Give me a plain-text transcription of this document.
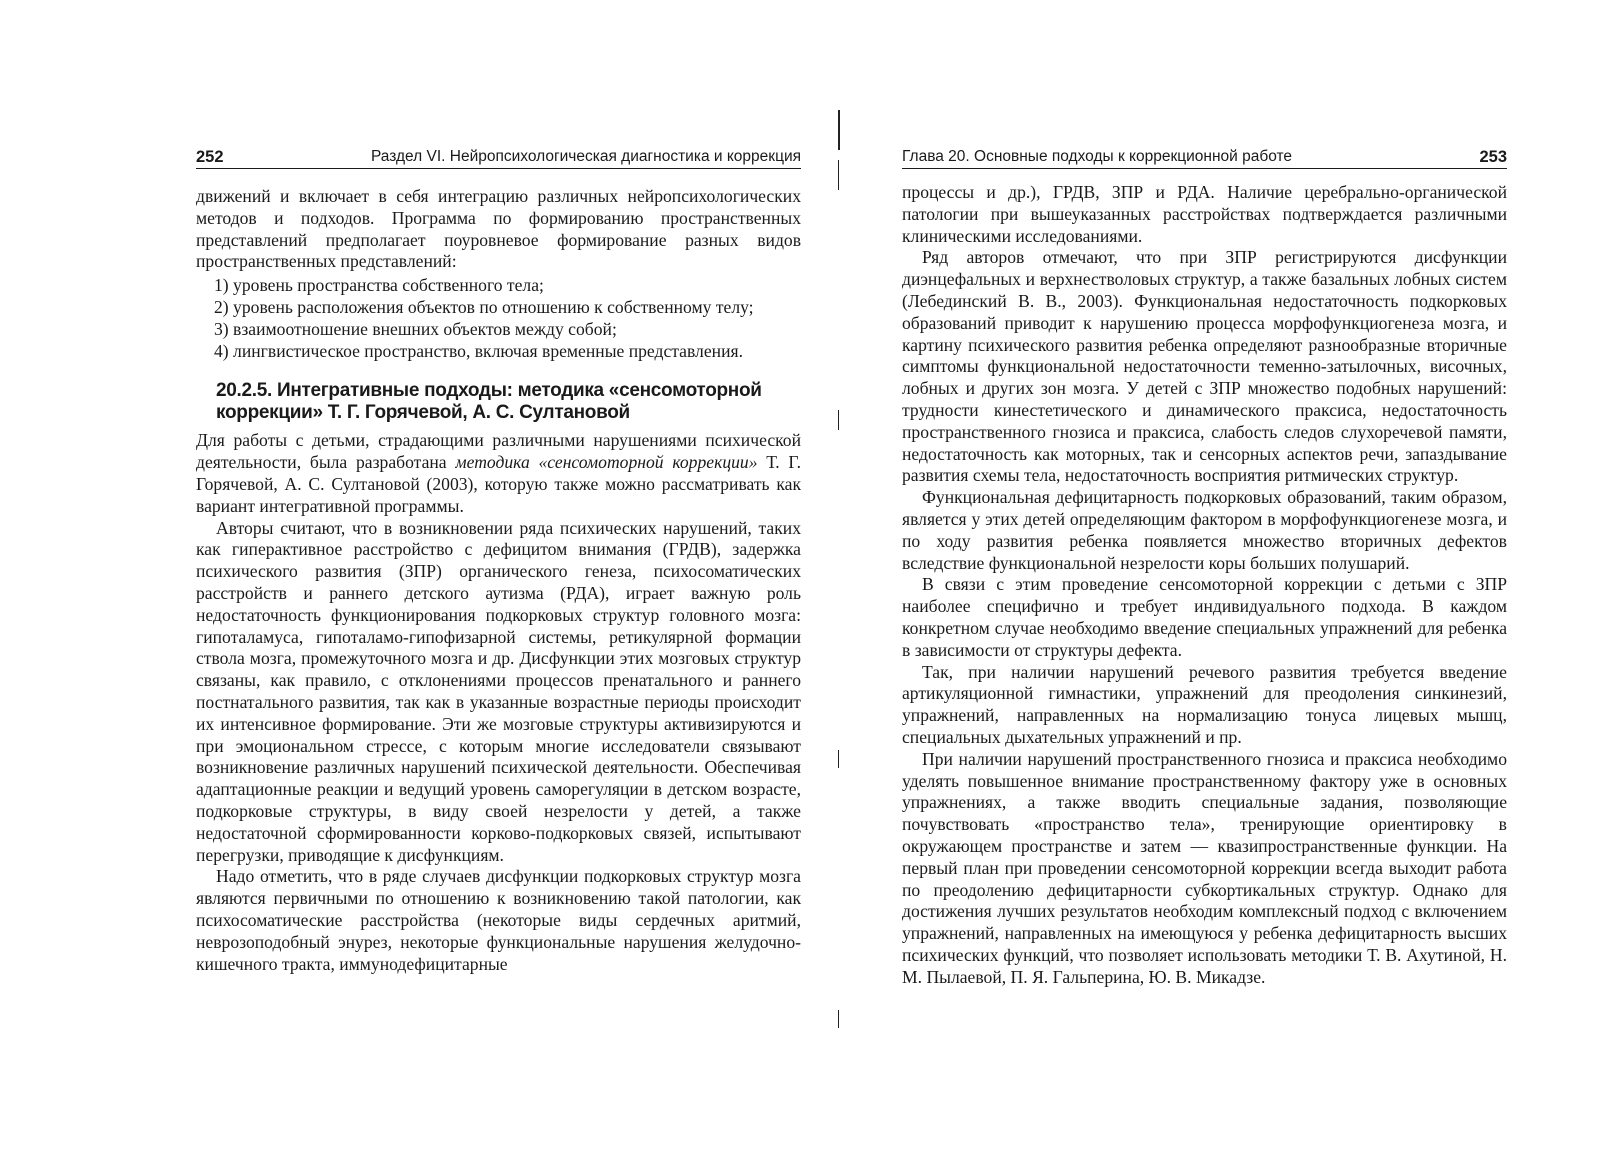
252	Раздел VI. Нейропсихологическая диагностика и коррекция

движений и включает в себя интеграцию различных нейропсихологических методов и подходов. Программа по формированию пространственных представлений предполагает поуровневое формирование разных видов пространственных представлений:

1) уровень пространства собственного тела;
2) уровень расположения объектов по отношению к собственному телу;
3) взаимоотношение внешних объектов между собой;
4) лингвистическое пространство, включая временные представления.
20.2.5. Интегративные подходы: методика «сенсомоторной коррекции» Т. Г. Горячевой, А. С. Султановой

Для работы с детьми, страдающими различными нарушениями психической деятельности, была разработана методика «сенсомоторной коррекции» Т. Г. Горячевой, А. С. Султановой (2003), которую также можно рассматривать как вариант интегративной программы.

Авторы считают, что в возникновении ряда психических нарушений, таких как гиперактивное расстройство с дефицитом внимания (ГРДВ), задержка психического развития (ЗПР) органического генеза, психосоматических расстройств и раннего детского аутизма (РДА), играет важную роль недостаточность функционирования подкорковых структур головного мозга: гипоталамуса, гипоталамо-гипофизарной системы, ретикулярной формации ствола мозга, промежуточного мозга и др. Дисфункции этих мозговых структур связаны, как правило, с отклонениями процессов пренатального и раннего постнатального развития, так как в указанные возрастные периоды происходит их интенсивное формирование. Эти же мозговые структуры активизируются и при эмоциональном стрессе, с которым многие исследователи связывают возникновение различных нарушений психической деятельности. Обеспечивая адаптационные реакции и ведущий уровень саморегуляции в детском возрасте, подкорковые структуры, в виду своей незрелости у детей, а также недостаточной сформированности корково-подкорковых связей, испытывают перегрузки, приводящие к дисфункциям.

Надо отметить, что в ряде случаев дисфункции подкорковых структур мозга являются первичными по отношению к возникновению такой патологии, как психосоматические расстройства (некоторые виды сердечных аритмий, неврозоподобный энурез, некоторые функциональные нарушения желудочно-кишечного тракта, иммунодефицитарные

Глава 20. Основные подходы к коррекционной работе	253

процессы и др.), ГРДВ, ЗПР и РДА. Наличие церебрально-органической патологии при вышеуказанных расстройствах подтверждается различными клиническими исследованиями.

Ряд авторов отмечают, что при ЗПР регистрируются дисфункции диэнцефальных и верхнестволовых структур, а также базальных лобных систем (Лебединский В. В., 2003). Функциональная недостаточность подкорковых образований приводит к нарушению процесса морфофункциогенеза мозга, и картину психического развития ребенка определяют разнообразные вторичные симптомы функциональной недостаточности теменно-затылочных, височных, лобных и других зон мозга. У детей с ЗПР множество подобных нарушений: трудности кинестетического и динамического праксиса, недостаточность пространственного гнозиса и праксиса, слабость следов слухоречевой памяти, недостаточность как моторных, так и сенсорных аспектов речи, запаздывание развития схемы тела, недостаточность восприятия ритмических структур.

Функциональная дефицитарность подкорковых образований, таким образом, является у этих детей определяющим фактором в морфофункциогенезе мозга, и по ходу развития ребенка появляется множество вторичных дефектов вследствие функциональной незрелости коры больших полушарий.

В связи с этим проведение сенсомоторной коррекции с детьми с ЗПР наиболее специфично и требует индивидуального подхода. В каждом конкретном случае необходимо введение специальных упражнений для ребенка в зависимости от структуры дефекта.

Так, при наличии нарушений речевого развития требуется введение артикуляционной гимнастики, упражнений для преодоления синкинезий, упражнений, направленных на нормализацию тонуса лицевых мышц, специальных дыхательных упражнений и пр.

При наличии нарушений пространственного гнозиса и праксиса необходимо уделять повышенное внимание пространственному фактору уже в основных упражнениях, а также вводить специальные задания, позволяющие почувствовать «пространство тела», тренирующие ориентировку в окружающем пространстве и затем — квазипространственные функции. На первый план при проведении сенсомоторной коррекции всегда выходит работа по преодолению дефицитарности субкортикальных структур. Однако для достижения лучших результатов необходим комплексный подход с включением упражнений, направленных на имеющуюся у ребенка дефицитарность высших психических функций, что позволяет использовать методики Т. В. Ахутиной, Н. М. Пылаевой, П. Я. Гальперина, Ю. В. Микадзе.
